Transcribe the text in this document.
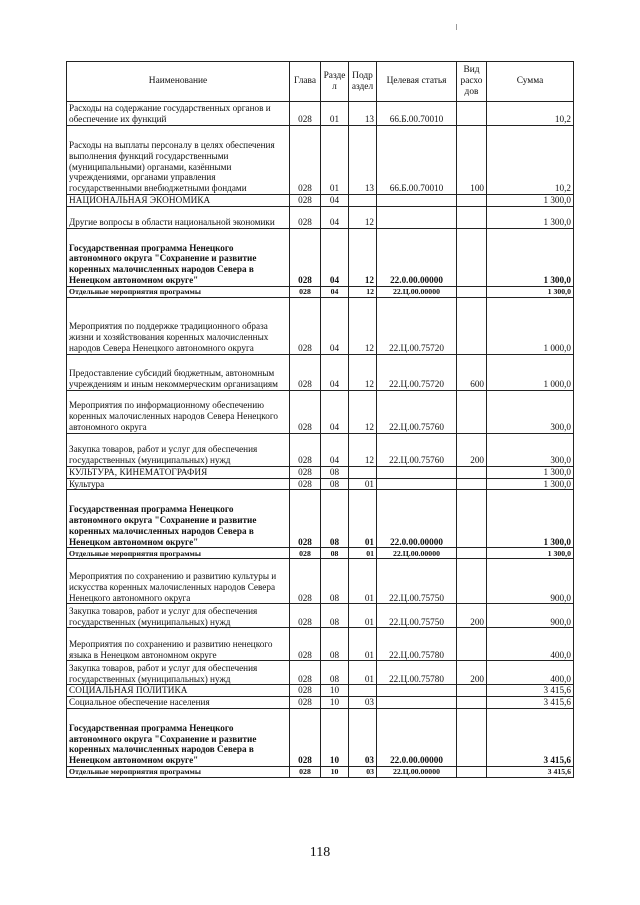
Наименование	Глава	Разде л	Подр аздел	Целевая статья	Вид расхо дов	Сумма
Расходы на содержание государственных органов и обеспечение их функций	028	01	13	66.Б.00.70010		10,2
Расходы на выплаты персоналу в целях обеспечения выполнения функций государственными (муниципальными) органами, казёнными учреждениями, органами управления государственными внебюджетными фондами	028	01	13	66.Б.00.70010	100	10,2
НАЦИОНАЛЬНАЯ ЭКОНОМИКА	028	04				1 300,0
Другие вопросы в области национальной экономики	028	04	12			1 300,0
Государственная программа Ненецкого автономного округа "Сохранение и развитие коренных малочисленных народов Севера в Ненецком автономном округе"	028	04	12	22.0.00.00000		1 300,0
Отдельные мероприятия программы	028	04	12	22.Ц.00.00000		1 300,0
Мероприятия по поддержке традиционного образа жизни и хозяйствования коренных малочисленных народов Севера Ненецкого автономного округа	028	04	12	22.Ц.00.75720		1 000,0
Предоставление субсидий бюджетным, автономным учреждениям и иным некоммерческим организациям	028	04	12	22.Ц.00.75720	600	1 000,0
Мероприятия по информационному обеспечению коренных малочисленных народов Севера Ненецкого автономного округа	028	04	12	22.Ц.00.75760		300,0
Закупка товаров, работ и услуг для обеспечения государственных (муниципальных) нужд	028	04	12	22.Ц.00.75760	200	300,0
КУЛЬТУРА, КИНЕМАТОГРАФИЯ	028	08				1 300,0
Культура	028	08	01			1 300,0
Государственная программа Ненецкого автономного округа "Сохранение и развитие коренных малочисленных народов Севера в Ненецком автономном округе"	028	08	01	22.0.00.00000		1 300,0
Отдельные мероприятия программы	028	08	01	22.Ц.00.00000		1 300,0
Мероприятия по сохранению и развитию культуры и искусства коренных малочисленных народов Севера Ненецкого автономного округа	028	08	01	22.Ц.00.75750		900,0
Закупка товаров, работ и услуг для обеспечения государственных (муниципальных) нужд	028	08	01	22.Ц.00.75750	200	900,0
Мероприятия по сохранению и развитию ненецкого языка в Ненецком автономном округе	028	08	01	22.Ц.00.75780		400,0
Закупка товаров, работ и услуг для обеспечения государственных (муниципальных) нужд	028	08	01	22.Ц.00.75780	200	400,0
СОЦИАЛЬНАЯ ПОЛИТИКА	028	10				3 415,6
Социальное обеспечение населения	028	10	03			3 415,6
Государственная программа Ненецкого автономного округа "Сохранение и развитие коренных малочисленных народов Севера в Ненецком автономном округе"	028	10	03	22.0.00.00000		3 415,6
Отдельные мероприятия программы	028	10	03	22.Ц.00.00000		3 415,6
118
